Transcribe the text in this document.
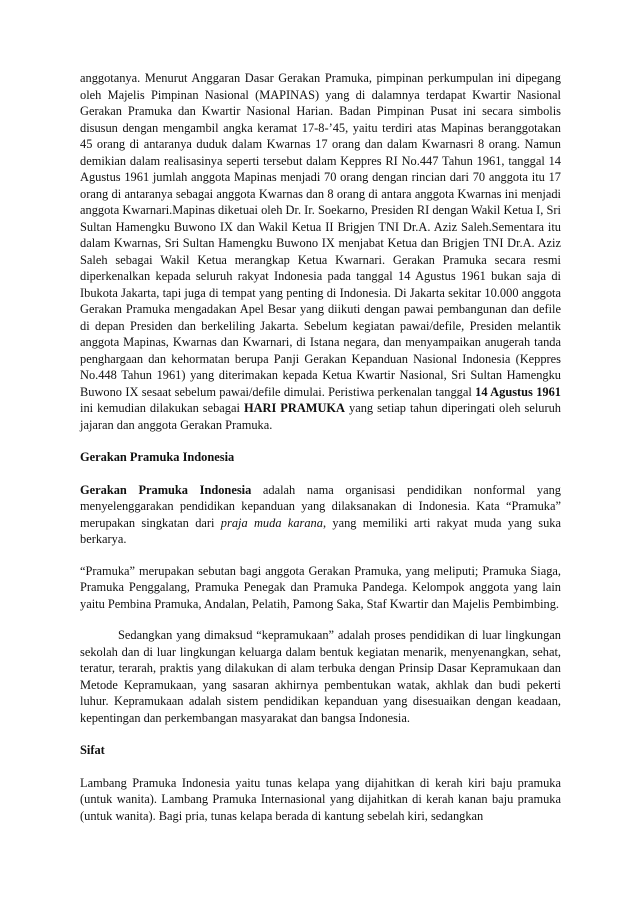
anggotanya. Menurut Anggaran Dasar Gerakan Pramuka, pimpinan perkumpulan ini dipegang oleh Majelis Pimpinan Nasional (MAPINAS) yang di dalamnya terdapat Kwartir Nasional Gerakan Pramuka dan Kwartir Nasional Harian. Badan Pimpinan Pusat ini secara simbolis disusun dengan mengambil angka keramat 17-8-’45, yaitu terdiri atas Mapinas beranggotakan 45 orang di antaranya duduk dalam Kwarnas 17 orang dan dalam Kwarnasri 8 orang. Namun demikian dalam realisasinya seperti tersebut dalam Keppres RI No.447 Tahun 1961, tanggal 14 Agustus 1961 jumlah anggota Mapinas menjadi 70 orang dengan rincian dari 70 anggota itu 17 orang di antaranya sebagai anggota Kwarnas dan 8 orang di antara anggota Kwarnas ini menjadi anggota Kwarnari.Mapinas diketuai oleh Dr. Ir. Soekarno, Presiden RI dengan Wakil Ketua I, Sri Sultan Hamengku Buwono IX dan Wakil Ketua II Brigjen TNI Dr.A. Aziz Saleh.Sementara itu dalam Kwarnas, Sri Sultan Hamengku Buwono IX menjabat Ketua dan Brigjen TNI Dr.A. Aziz Saleh sebagai Wakil Ketua merangkap Ketua Kwarnari. Gerakan Pramuka secara resmi diperkenalkan kepada seluruh rakyat Indonesia pada tanggal 14 Agustus 1961 bukan saja di Ibukota Jakarta, tapi juga di tempat yang penting di Indonesia. Di Jakarta sekitar 10.000 anggota Gerakan Pramuka mengadakan Apel Besar yang diikuti dengan pawai pembangunan dan defile di depan Presiden dan berkeliling Jakarta. Sebelum kegiatan pawai/defile, Presiden melantik anggota Mapinas, Kwarnas dan Kwarnari, di Istana negara, dan menyampaikan anugerah tanda penghargaan dan kehormatan berupa Panji Gerakan Kepanduan Nasional Indonesia (Keppres No.448 Tahun 1961) yang diterimakan kepada Ketua Kwartir Nasional, Sri Sultan Hamengku Buwono IX sesaat sebelum pawai/defile dimulai. Peristiwa perkenalan tanggal 14 Agustus 1961 ini kemudian dilakukan sebagai HARI PRAMUKA yang setiap tahun diperingati oleh seluruh jajaran dan anggota Gerakan Pramuka.

Gerakan Pramuka Indonesia

Gerakan Pramuka Indonesia adalah nama organisasi pendidikan nonformal yang menyelenggarakan pendidikan kepanduan yang dilaksanakan di Indonesia. Kata “Pramuka” merupakan singkatan dari praja muda karana, yang memiliki arti rakyat muda yang suka berkarya.

“Pramuka” merupakan sebutan bagi anggota Gerakan Pramuka, yang meliputi; Pramuka Siaga, Pramuka Penggalang, Pramuka Penegak dan Pramuka Pandega. Kelompok anggota yang lain yaitu Pembina Pramuka, Andalan, Pelatih, Pamong Saka, Staf Kwartir dan Majelis Pembimbing.

Sedangkan yang dimaksud “kepramukaan” adalah proses pendidikan di luar lingkungan sekolah dan di luar lingkungan keluarga dalam bentuk kegiatan menarik, menyenangkan, sehat, teratur, terarah, praktis yang dilakukan di alam terbuka dengan Prinsip Dasar Kepramukaan dan Metode Kepramukaan, yang sasaran akhirnya pembentukan watak, akhlak dan budi pekerti luhur. Kepramukaan adalah sistem pendidikan kepanduan yang disesuaikan dengan keadaan, kepentingan dan perkembangan masyarakat dan bangsa Indonesia.

Sifat

Lambang Pramuka Indonesia yaitu tunas kelapa yang dijahitkan di kerah kiri baju pramuka (untuk wanita). Lambang Pramuka Internasional yang dijahitkan di kerah kanan baju pramuka (untuk wanita). Bagi pria, tunas kelapa berada di kantung sebelah kiri, sedangkan
